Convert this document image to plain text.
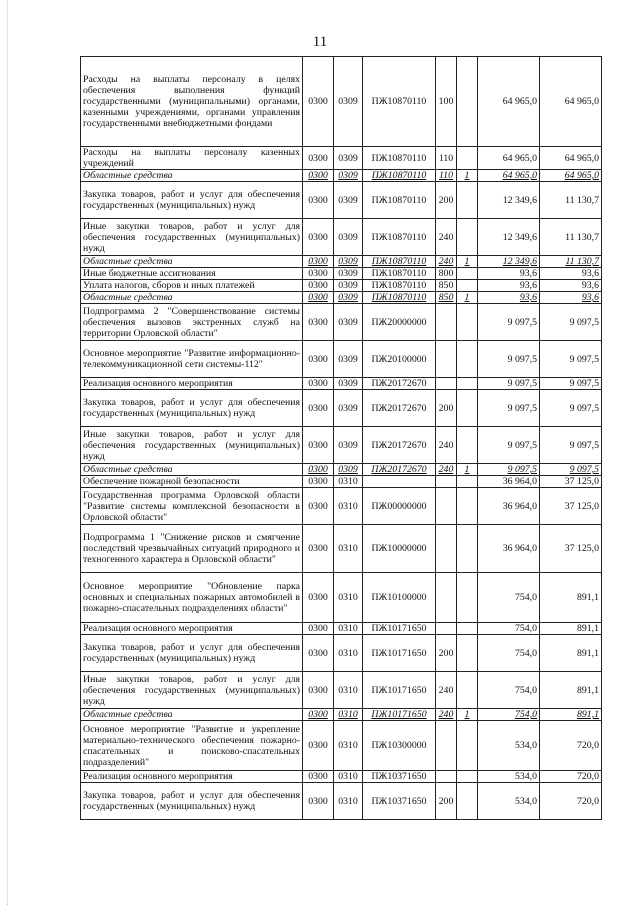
11
Расходы на выплаты персоналу в целях обеспечения выполнения функций государственными (муниципальными) органами, казенными учреждениями, органами управления государственными внебюджетными фондами	0300	0309	ПЖ10870110	100		64 965,0	64 965,0
Расходы на выплаты персоналу казенных учреждений	0300	0309	ПЖ10870110	110		64 965,0	64 965,0
Областные средства	0300	0309	ПЖ10870110	110	1	64 965,0	64 965,0
Закупка товаров, работ и услуг для обеспечения государственных (муниципальных) нужд	0300	0309	ПЖ10870110	200		12 349,6	11 130,7
Иные закупки товаров, работ и услуг для обеспечения государственных (муниципальных) нужд	0300	0309	ПЖ10870110	240		12 349,6	11 130,7
Областные средства	0300	0309	ПЖ10870110	240	1	12 349,6	11 130,7
Иные бюджетные ассигнования	0300	0309	ПЖ10870110	800		93,6	93,6
Уплата налогов, сборов и иных платежей	0300	0309	ПЖ10870110	850		93,6	93,6
Областные средства	0300	0309	ПЖ10870110	850	1	93,6	93,6
Подпрограмма 2 "Совершенствование системы обеспечения вызовов экстренных служб на территории Орловской области"	0300	0309	ПЖ20000000			9 097,5	9 097,5
Основное мероприятие "Развитие информационно-телекоммуникационной сети системы-112"	0300	0309	ПЖ20100000			9 097,5	9 097,5
Реализация основного мероприятия	0300	0309	ПЖ20172670			9 097,5	9 097,5
Закупка товаров, работ и услуг для обеспечения государственных (муниципальных) нужд	0300	0309	ПЖ20172670	200		9 097,5	9 097,5
Иные закупки товаров, работ и услуг для обеспечения государственных (муниципальных) нужд	0300	0309	ПЖ20172670	240		9 097,5	9 097,5
Областные средства	0300	0309	ПЖ20172670	240	1	9 097,5	9 097,5
Обеспечение пожарной безопасности	0300	0310				36 964,0	37 125,0
Государственная программа Орловской области "Развитие системы комплексной безопасности в Орловской области"	0300	0310	ПЖ00000000			36 964,0	37 125,0
Подпрограмма 1 "Снижение рисков и смягчение последствий чрезвычайных ситуаций природного и техногенного характера в Орловской области"	0300	0310	ПЖ10000000			36 964,0	37 125,0
Основное мероприятие "Обновление парка основных и специальных пожарных автомобилей в пожарно-спасательных подразделениях области"	0300	0310	ПЖ10100000			754,0	891,1
Реализация основного мероприятия	0300	0310	ПЖ10171650			754,0	891,1
Закупка товаров, работ и услуг для обеспечения государственных (муниципальных) нужд	0300	0310	ПЖ10171650	200		754,0	891,1
Иные закупки товаров, работ и услуг для обеспечения государственных (муниципальных) нужд	0300	0310	ПЖ10171650	240		754,0	891,1
Областные средства	0300	0310	ПЖ10171650	240	1	754,0	891,1
Основное мероприятие "Развитие и укрепление материально-технического обеспечения пожарно-спасательных и поисково-спасательных подразделений"	0300	0310	ПЖ10300000			534,0	720,0
Реализация основного мероприятия	0300	0310	ПЖ10371650			534,0	720,0
Закупка товаров, работ и услуг для обеспечения государственных (муниципальных) нужд	0300	0310	ПЖ10371650	200		534,0	720,0
